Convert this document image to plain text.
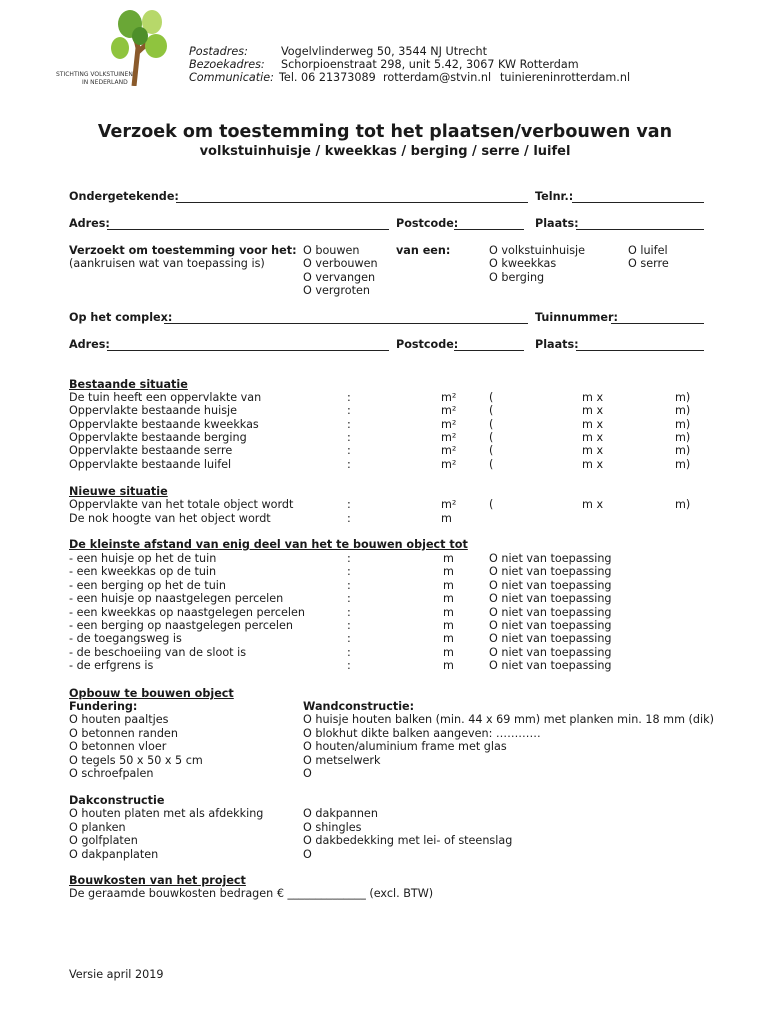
STICHTING VOLKSTUINEN
IN NEDERLAND
Postadres:	Vogelvlinderweg 50, 3544 NJ Utrecht
Bezoekadres: Schorpioenstraat 298, unit 5.42, 3067 KW Rotterdam
Communicatie: Tel. 06 21373089 rotterdam@stvin.nl tuiniereninrotterdam.nl
Verzoek om toestemming tot het plaatsen/verbouwen van
volkstuinhuisje / kweekkas / berging / serre / luifel
Ondergetekende:	Telnr.:
Adres:	Postcode:	Plaats:
Verzoekt om toestemming voor het:
(aankruisen wat van toepassing is)
O bouwen
O verbouwen
O vervangen
O vergroten
van een:	O volkstuinhuisje
O kweekkas
O berging
O luifel
O serre
Op het complex:	Tuinnummer:
Adres:	Postcode:	Plaats:
Bestaande situatie
De tuin heeft een oppervlakte van	:	m²	(	m x	m)
Oppervlakte bestaande huisje	:	m²	(	m x	m)
Oppervlakte bestaande kweekkas	:	m²	(	m x	m)
Oppervlakte bestaande berging	:	m²	(	m x	m)
Oppervlakte bestaande serre	:	m²	(	m x	m)
Oppervlakte bestaande luifel	:	m²	(	m x	m)
Nieuwe situatie
Oppervlakte van het totale object wordt	:	m²	(	m x	m)
De nok hoogte van het object wordt	:	m
De kleinste afstand van enig deel van het te bouwen object tot
- een huisje op het de tuin	:	m	O niet van toepassing
- een kweekkas op de tuin	:	m	O niet van toepassing
- een berging op het de tuin	:	m	O niet van toepassing
- een huisje op naastgelegen percelen	:	m	O niet van toepassing
- een kweekkas op naastgelegen percelen	:	m	O niet van toepassing
- een berging op naastgelegen percelen	:	m	O niet van toepassing
- de toegangsweg is	:	m	O niet van toepassing
- de beschoeiing van de sloot is	:	m	O niet van toepassing
- de erfgrens is	:	m	O niet van toepassing
Opbouw te bouwen object
Fundering:
O houten paaltjes
O betonnen randen
O betonnen vloer
O tegels 50 x 50 x 5 cm
O schroefpalen
Wandconstructie:
O huisje houten balken (min. 44 x 69 mm) met planken min. 18 mm (dik)
O blokhut dikte balken aangeven: …………
O houten/aluminium frame met glas
O metselwerk
O
Dakconstructie
O houten platen met als afdekking
O planken
O golfplaten
O dakpanplaten
O dakpannen
O shingles
O dakbedekking met lei- of steenslag
O
Bouwkosten van het project
De geraamde bouwkosten bedragen € ______________ (excl. BTW)
Versie april 2019
